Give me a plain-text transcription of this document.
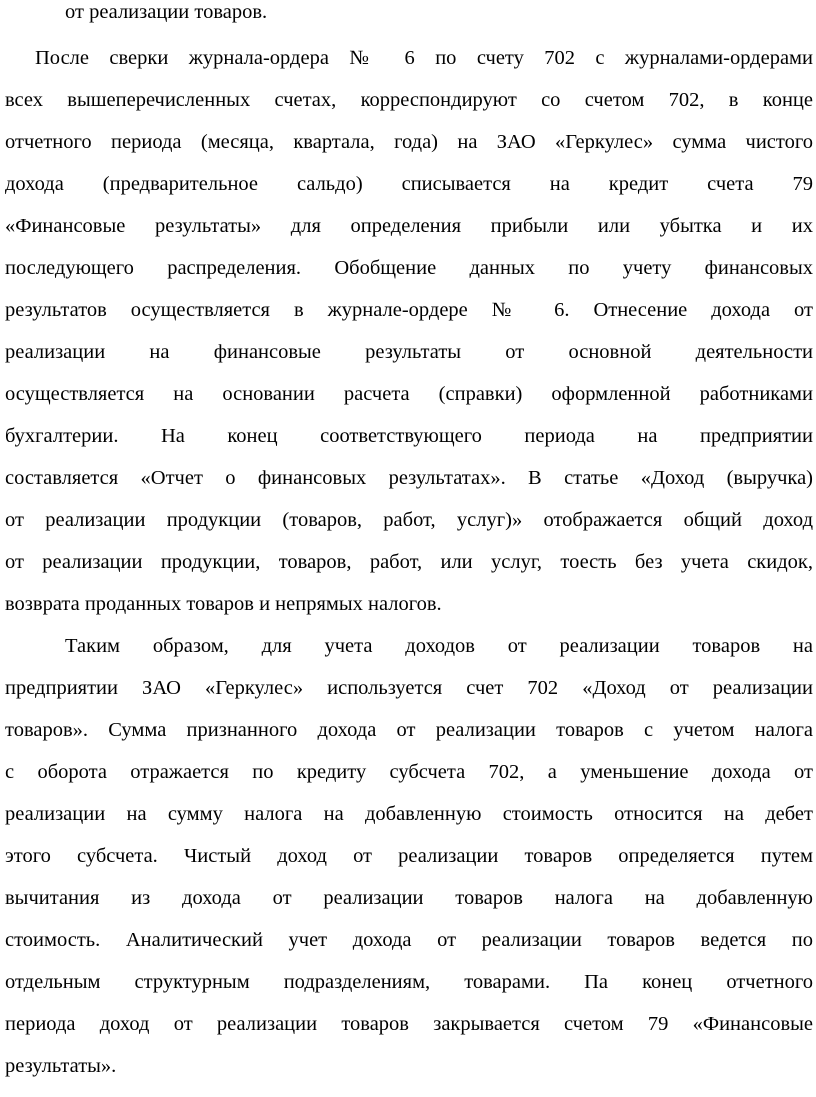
от реализации товаров.
После сверки журнала-ордера № 6 по счету 702 с журналами-ордерами
всех вышеперечисленных счетах, корреспондируют со счетом 702, в конце
отчетного периода (месяца, квартала, года) на ЗАО «Геркулес» сумма чистого
дохода (предварительное сальдо) списывается на кредит счета 79
«Финансовые результаты» для определения прибыли или убытка и их
последующего распределения. Обобщение данных по учету финансовых
результатов осуществляется в журнале-ордере № 6. Отнесение дохода от
реализации на финансовые результаты от основной деятельности
осуществляется на основании расчета (справки) оформленной работниками
бухгалтерии. На конец соответствующего периода на предприятии
составляется «Отчет о финансовых результатах». В статье «Доход (выручка)
от реализации продукции (товаров, работ, услуг)» отображается общий доход
от реализации продукции, товаров, работ, или услуг, тоесть без учета скидок,
возврата проданных товаров и непрямых налогов.
Таким образом, для учета доходов от реализации товаров на
предприятии ЗАО «Геркулес» используется счет 702 «Доход от реализации
товаров». Сумма признанного дохода от реализации товаров с учетом налога
с оборота отражается по кредиту субсчета 702, а уменьшение дохода от
реализации на сумму налога на добавленную стоимость относится на дебет
этого субсчета. Чистый доход от реализации товаров определяется путем
вычитания из дохода от реализации товаров налога на добавленную
стоимость. Аналитический учет дохода от реализации товаров ведется по
отдельным структурным подразделениям, товарами. Па конец отчетного
периода доход от реализации товаров закрывается счетом 79 «Финансовые
результаты».
